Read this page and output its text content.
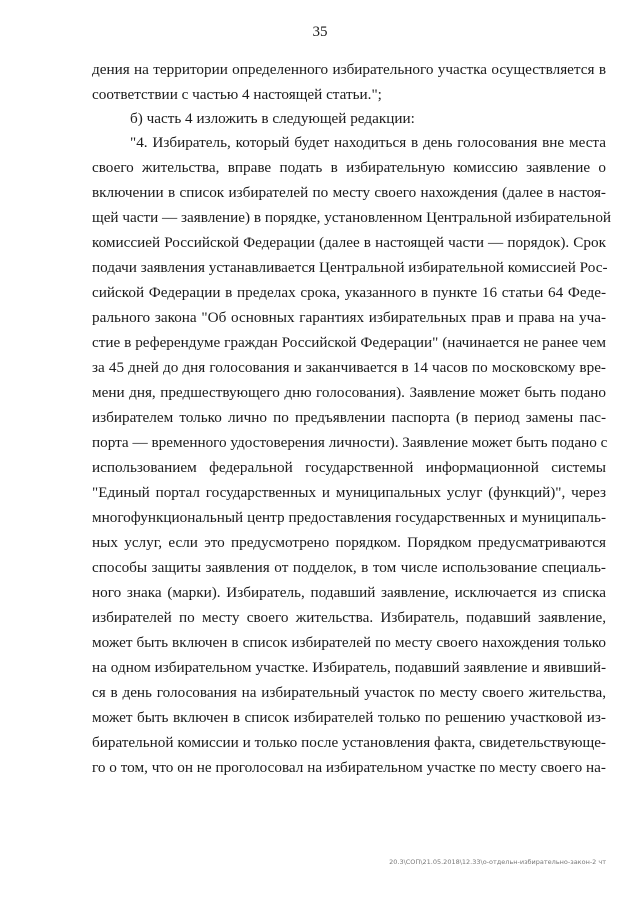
35
дения на территории определенного избирательного участка осуществляется в
соответствии с частью 4 настоящей статьи.";
б) часть 4 изложить в следующей редакции:
"4. Избиратель, который будет находиться в день голосования вне места
своего жительства, вправе подать в избирательную комиссию заявление о
включении в список избирателей по месту своего нахождения (далее в настоя-
щей части — заявление) в порядке, установленном Центральной избирательной
комиссией Российской Федерации (далее в настоящей части — порядок). Срок
подачи заявления устанавливается Центральной избирательной комиссией Рос-
сийской Федерации в пределах срока, указанного в пункте 16 статьи 64 Феде-
рального закона "Об основных гарантиях избирательных прав и права на уча-
стие в референдуме граждан Российской Федерации" (начинается не ранее чем
за 45 дней до дня голосования и заканчивается в 14 часов по московскому вре-
мени дня, предшествующего дню голосования). Заявление может быть подано
избирателем только лично по предъявлении паспорта (в период замены пас-
порта — временного удостоверения личности). Заявление может быть подано с
использованием федеральной государственной информационной системы
"Единый портал государственных и муниципальных услуг (функций)", через
многофункциональный центр предоставления государственных и муниципаль-
ных услуг, если это предусмотрено порядком. Порядком предусматриваются
способы защиты заявления от подделок, в том числе использование специаль-
ного знака (марки). Избиратель, подавший заявление, исключается из списка
избирателей по месту своего жительства. Избиратель, подавший заявление,
может быть включен в список избирателей по месту своего нахождения только
на одном избирательном участке. Избиратель, подавший заявление и явивший-
ся в день голосования на избирательный участок по месту своего жительства,
может быть включен в список избирателей только по решению участковой из-
бирательной комиссии и только после установления факта, свидетельствующе-
го о том, что он не проголосовал на избирательном участке по месту своего на-
20.3\СОП\21.05.2018\12.33\о-отдельн-избирательно-закон-2 чт
